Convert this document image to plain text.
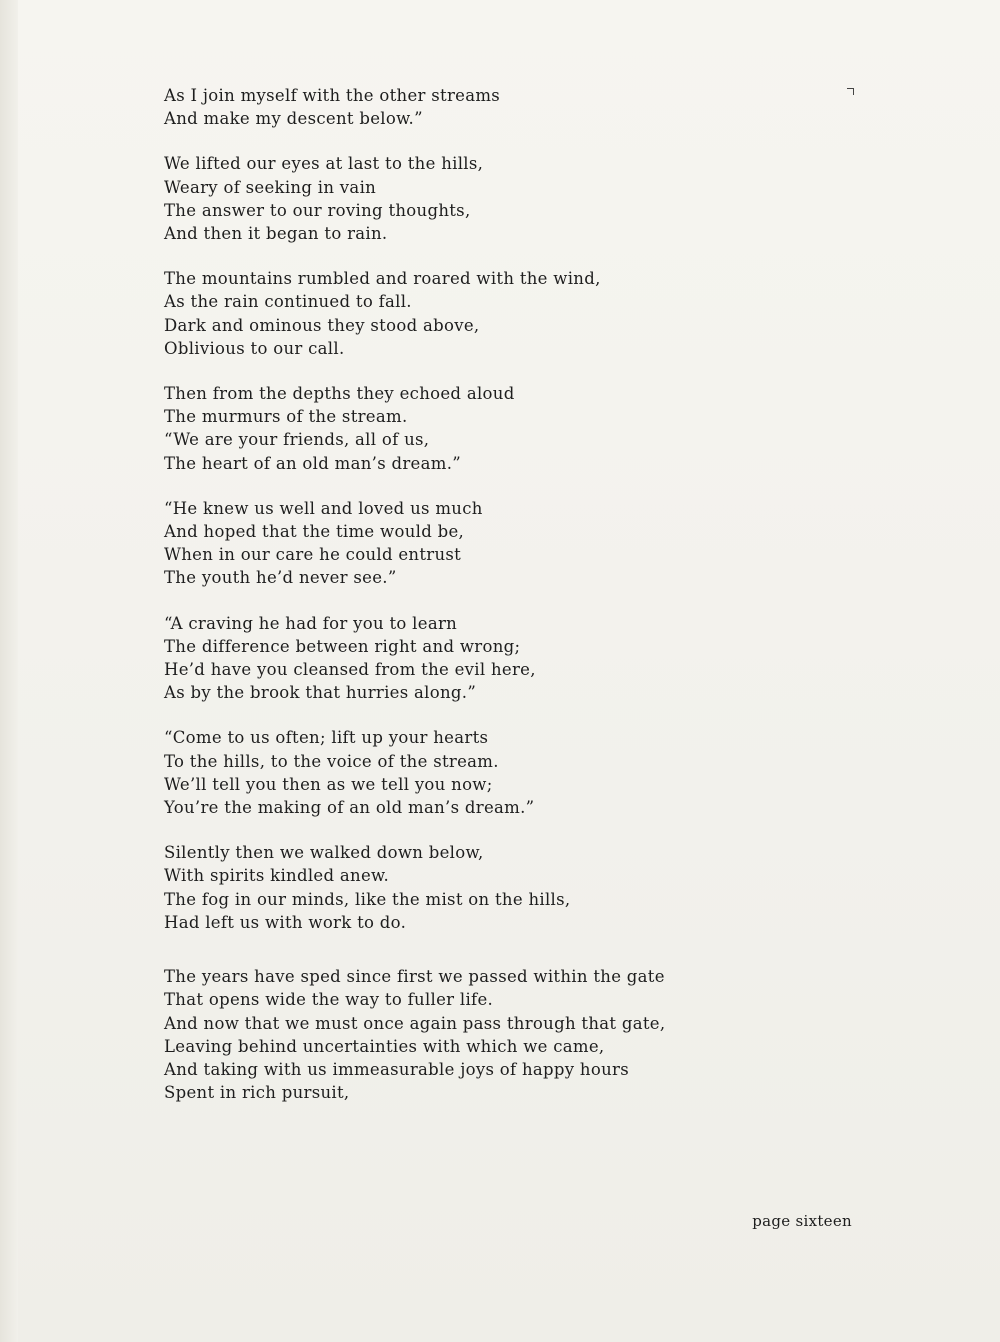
As I join myself with the other streams
And make my descent below.”
We lifted our eyes at last to the hills,
Weary of seeking in vain
The answer to our roving thoughts,
And then it began to rain.
The mountains rumbled and roared with the wind,
As the rain continued to fall.
Dark and ominous they stood above,
Oblivious to our call.
Then from the depths they echoed aloud
The murmurs of the stream.
“We are your friends, all of us,
The heart of an old man’s dream.”
“He knew us well and loved us much
And hoped that the time would be,
When in our care he could entrust
The youth he’d never see.”
“A craving he had for you to learn
The difference between right and wrong;
He’d have you cleansed from the evil here,
As by the brook that hurries along.”
“Come to us often; lift up your hearts
To the hills, to the voice of the stream.
We’ll tell you then as we tell you now;
You’re the making of an old man’s dream.”
Silently then we walked down below,
With spirits kindled anew.
The fog in our minds, like the mist on the hills,
Had left us with work to do.
The years have sped since first we passed within the gate
That opens wide the way to fuller life.
And now that we must once again pass through that gate,
Leaving behind uncertainties with which we came,
And taking with us immeasurable joys of happy hours
Spent in rich pursuit,
page sixteen
